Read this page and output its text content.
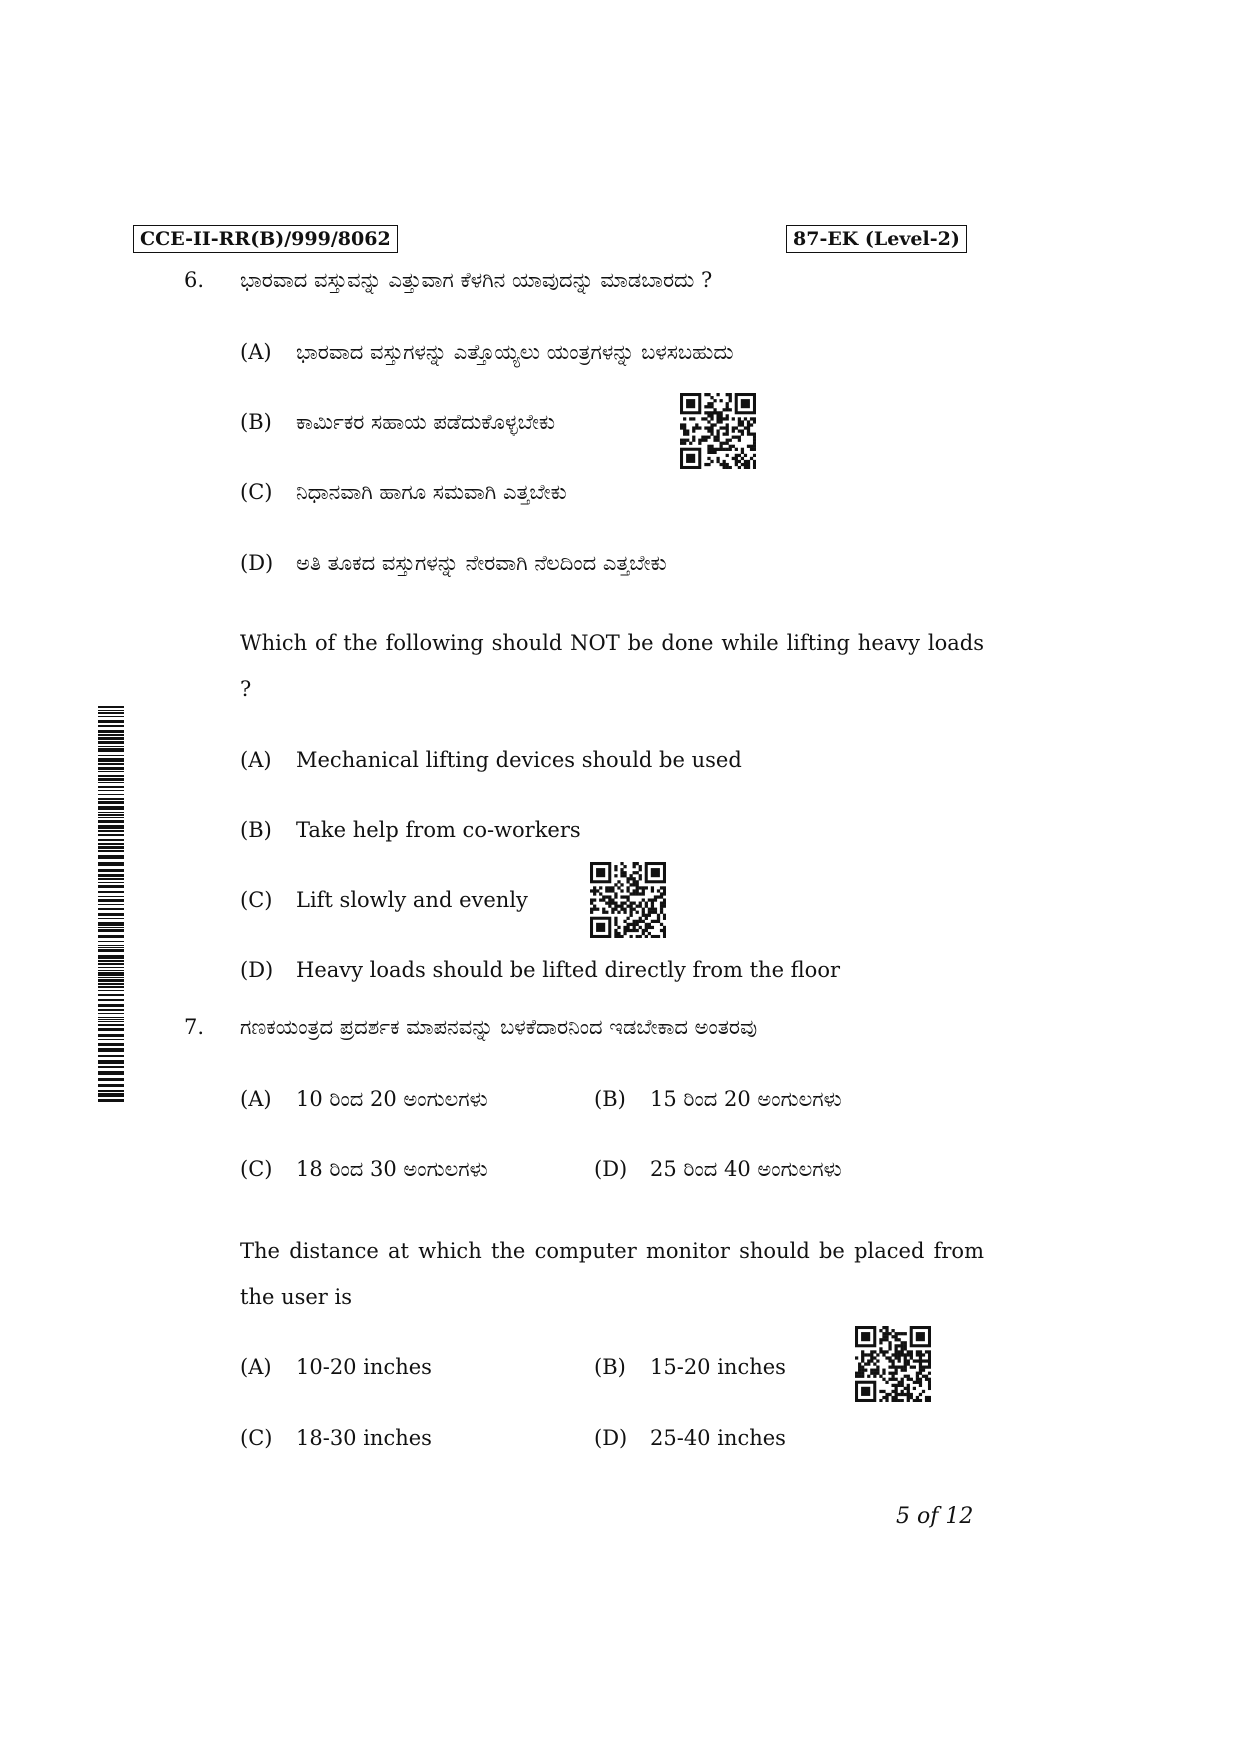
CCE-II-RR(B)/999/8062	87-EK (Level-2)
6. ಭಾರವಾದ ವಸ್ತುವನ್ನು ಎತ್ತುವಾಗ ಕೆಳಗಿನ ಯಾವುದನ್ನು ಮಾಡಬಾರದು ?
(A) ಭಾರವಾದ ವಸ್ತುಗಳನ್ನು ಎತ್ತೊಯ್ಯಲು ಯಂತ್ರಗಳನ್ನು ಬಳಸಬಹುದು
(B) ಕಾರ್ಮಿಕರ ಸಹಾಯ ಪಡೆದುಕೊಳ್ಳಬೇಕು
(C) ನಿಧಾನವಾಗಿ ಹಾಗೂ ಸಮವಾಗಿ ಎತ್ತಬೇಕು
(D) ಅತಿ ತೂಕದ ವಸ್ತುಗಳನ್ನು ನೇರವಾಗಿ ನೆಲದಿಂದ ಎತ್ತಬೇಕು
Which of the following should NOT be done while lifting heavy loads ?
(A) Mechanical lifting devices should be used
(B) Take help from co-workers
(C) Lift slowly and evenly
(D) Heavy loads should be lifted directly from the floor
7. ಗಣಕಯಂತ್ರದ ಪ್ರದರ್ಶಕ ಮಾಪನವನ್ನು ಬಳಕೆದಾರನಿಂದ ಇಡಬೇಕಾದ ಅಂತರವು
(A) 10 ರಿಂದ 20 ಅಂಗುಲಗಳು	(B) 15 ರಿಂದ 20 ಅಂಗುಲಗಳು
(C) 18 ರಿಂದ 30 ಅಂಗುಲಗಳು	(D) 25 ರಿಂದ 40 ಅಂಗುಲಗಳು
The distance at which the computer monitor should be placed from the user is
(A) 10-20 inches	(B) 15-20 inches
(C) 18-30 inches	(D) 25-40 inches
5 of 12
